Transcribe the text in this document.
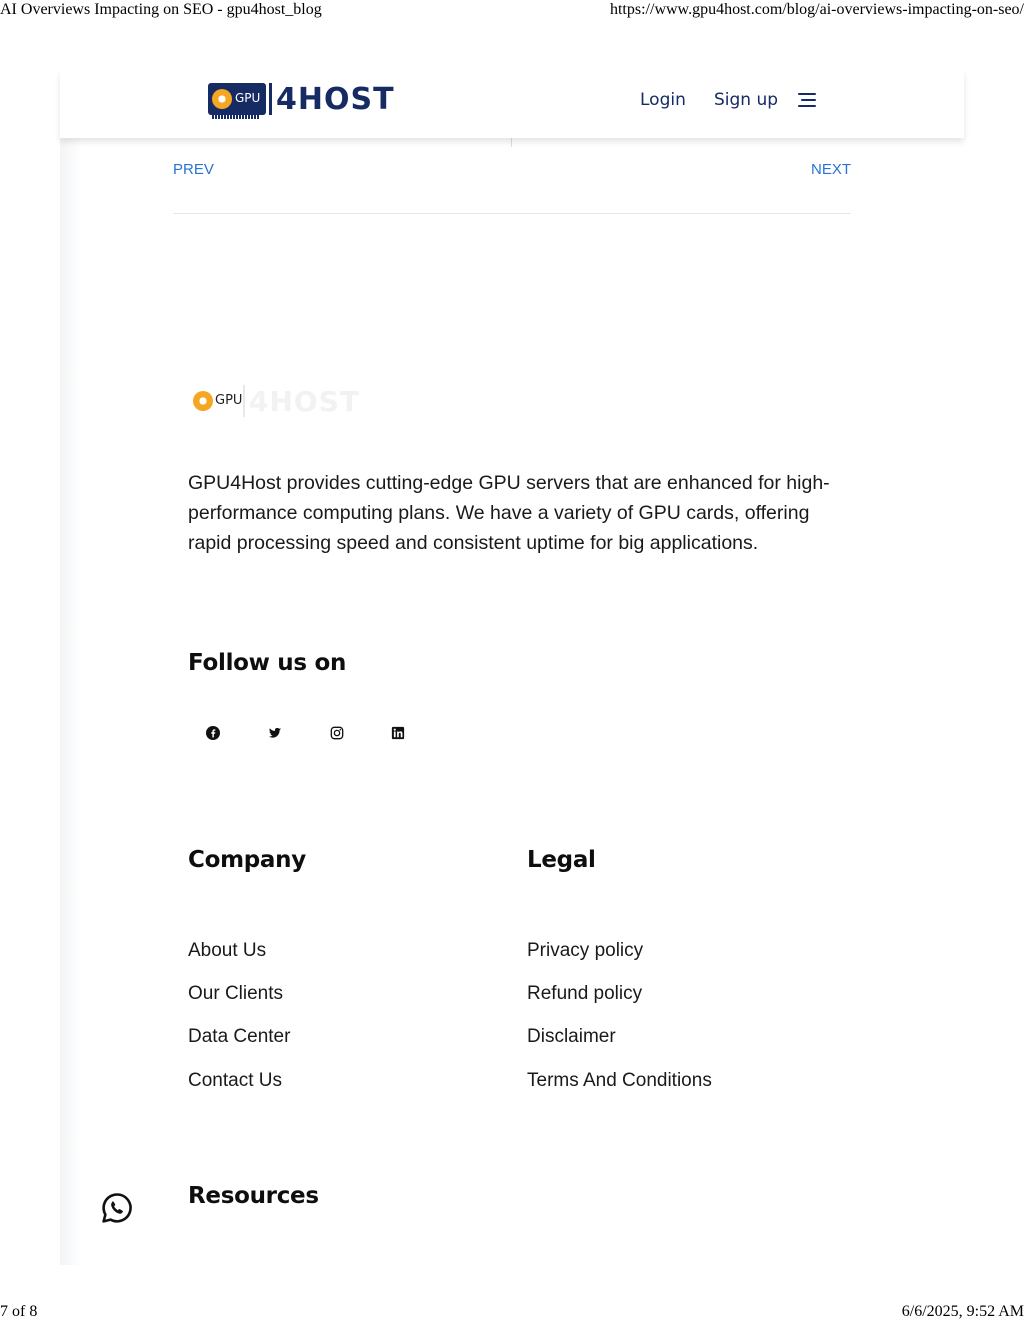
AI Overviews Impacting on SEO - gpu4host_blog	https://www.gpu4host.com/blog/ai-overviews-impacting-on-seo/
GPU 4HOST	Login Sign up
PREV	NEXT
GPU 4HOST

GPU4Host provides cutting-edge GPU servers that are enhanced for high-performance computing plans. We have a variety of GPU cards, offering rapid processing speed and consistent uptime for big applications.

Follow us on
Company	Legal
About Us
Our Clients
Data Center
Contact Us
Privacy policy
Refund policy
Disclaimer
Terms And Conditions
Resources
7 of 8	6/6/2025, 9:52 AM
